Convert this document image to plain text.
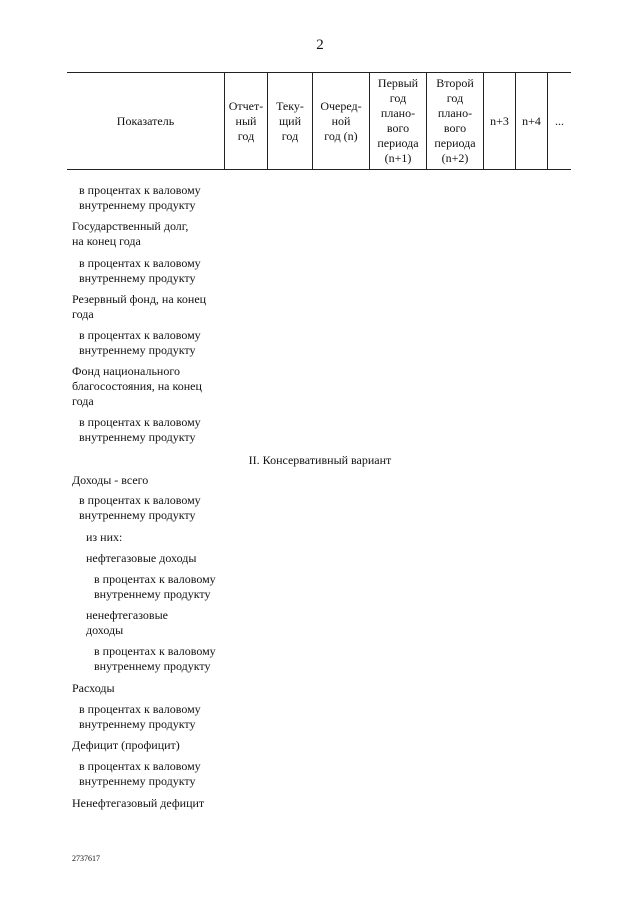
2
Показатель
Отчет-
ный
год
Теку-
щий
год
Очеред-
ной
год (n)
Первый
год
плано-
вого
периода
(n+1)
Второй
год
плано-
вого
периода
(n+2)
n+3	n+4	...
в процентах к валовому
внутреннему продукту
Государственный долг,
на конец года
в процентах к валовому
внутреннему продукту
Резервный фонд, на конец
года
в процентах к валовому
внутреннему продукту
Фонд национального
благосостояния, на конец
года
в процентах к валовому
внутреннему продукту
II. Консервативный вариант
Доходы - всего
в процентах к валовому
внутреннему продукту
из них:
нефтегазовые доходы
в процентах к валовому
внутреннему продукту
ненефтегазовые
доходы
в процентах к валовому
внутреннему продукту
Расходы
в процентах к валовому
внутреннему продукту
Дефицит (профицит)
в процентах к валовому
внутреннему продукту
Ненефтегазовый дефицит
2737617
